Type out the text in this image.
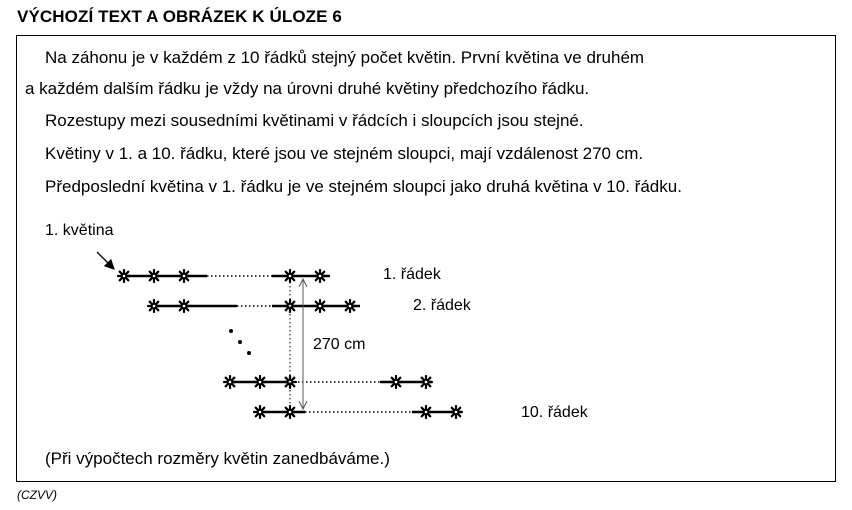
VÝCHOZÍ TEXT A OBRÁZEK K ÚLOZE 6
Na záhonu je v každém z 10 řádků stejný počet květin. První květina ve druhém
a každém dalším řádku je vždy na úrovni druhé květiny předchozího řádku.
Rozestupy mezi sousedními květinami v řádcích i sloupcích jsou stejné.
Květiny v 1. a 10. řádku, které jsou ve stejném sloupci, mají vzdálenost 270 cm.
Předposlední květina v 1. řádku je ve stejném sloupci jako druhá květina v 10. řádku.
1. květina
1. řádek
2. řádek
270 cm
10. řádek
(Při výpočtech rozměry květin zanedbáváme.)
(CZVV)
